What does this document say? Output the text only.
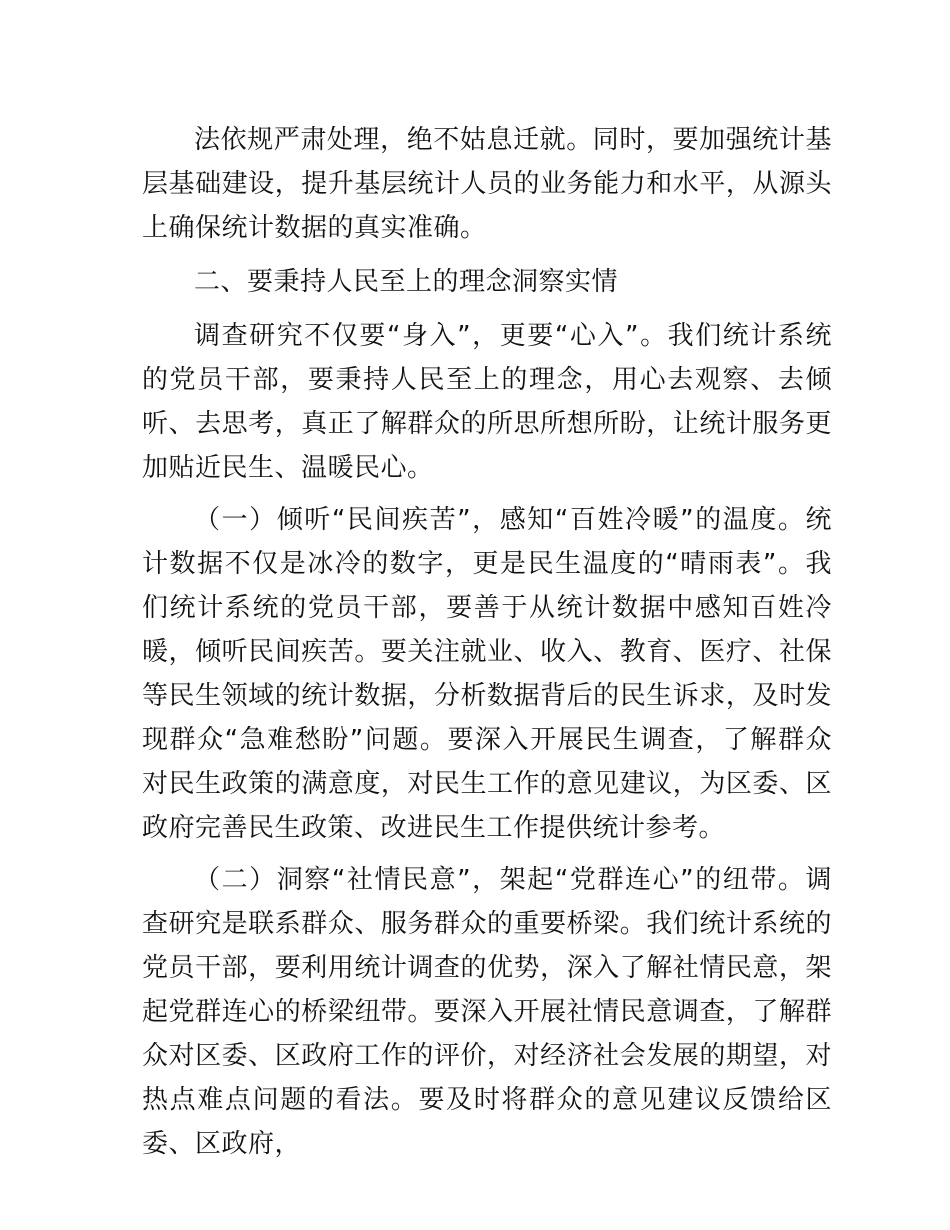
法依规严肃处理，绝不姑息迁就。同时，要加强统计基层基础建设，提升基层统计人员的业务能力和水平，从源头上确保统计数据的真实准确。

二、要秉持人民至上的理念洞察实情

调查研究不仅要“身入”，更要“心入”。我们统计系统的党员干部，要秉持人民至上的理念，用心去观察、去倾听、去思考，真正了解群众的所思所想所盼，让统计服务更加贴近民生、温暖民心。

（一）倾听“民间疾苦”，感知“百姓冷暖”的温度。统计数据不仅是冰冷的数字，更是民生温度的“晴雨表”。我们统计系统的党员干部，要善于从统计数据中感知百姓冷暖，倾听民间疾苦。要关注就业、收入、教育、医疗、社保等民生领域的统计数据，分析数据背后的民生诉求，及时发现群众“急难愁盼”问题。要深入开展民生调查，了解群众对民生政策的满意度，对民生工作的意见建议，为区委、区政府完善民生政策、改进民生工作提供统计参考。

（二）洞察“社情民意”，架起“党群连心”的纽带。调查研究是联系群众、服务群众的重要桥梁。我们统计系统的党员干部，要利用统计调查的优势，深入了解社情民意，架起党群连心的桥梁纽带。要深入开展社情民意调查，了解群众对区委、区政府工作的评价，对经济社会发展的期望，对热点难点问题的看法。要及时将群众的意见建议反馈给区委、区政府，
